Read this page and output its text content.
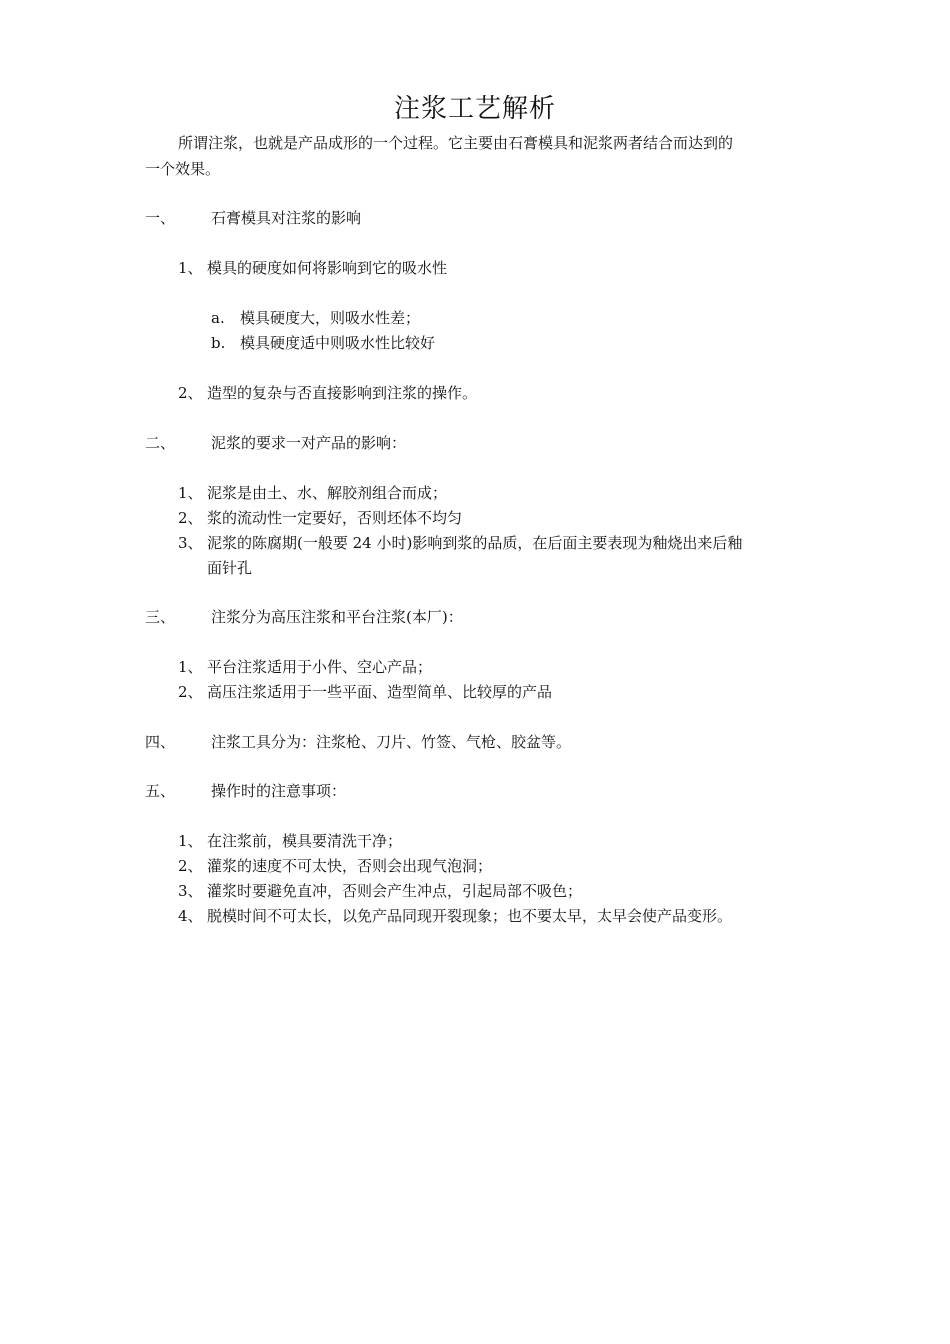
注浆工艺解析
所谓注浆，也就是产品成形的一个过程。它主要由石膏模具和泥浆两者结合而达到的
一个效果。
一、 石膏模具对注浆的影响
1、 模具的硬度如何将影响到它的吸水性
a. 模具硬度大，则吸水性差；
b. 模具硬度适中则吸水性比较好
2、 造型的复杂与否直接影响到注浆的操作。
二、 泥浆的要求一对产品的影响：
1、 泥浆是由土、水、解胶剂组合而成；
2、 浆的流动性一定要好，否则坯体不均匀
3、 泥浆的陈腐期(一般要 24 小时)影响到浆的品质，在后面主要表现为釉烧出来后釉
面针孔
三、 注浆分为高压注浆和平台注浆(本厂)：
1、 平台注浆适用于小件、空心产品；
2、 高压注浆适用于一些平面、造型简单、比较厚的产品
四、 注浆工具分为：注浆枪、刀片、竹签、气枪、胶盆等。
五、 操作时的注意事项：
1、 在注浆前，模具要清洗干净；
2、 灌浆的速度不可太快，否则会出现气泡洞；
3、 灌浆时要避免直冲，否则会产生冲点，引起局部不吸色；
4、 脱模时间不可太长，以免产品同现开裂现象；也不要太早，太早会使产品变形。
